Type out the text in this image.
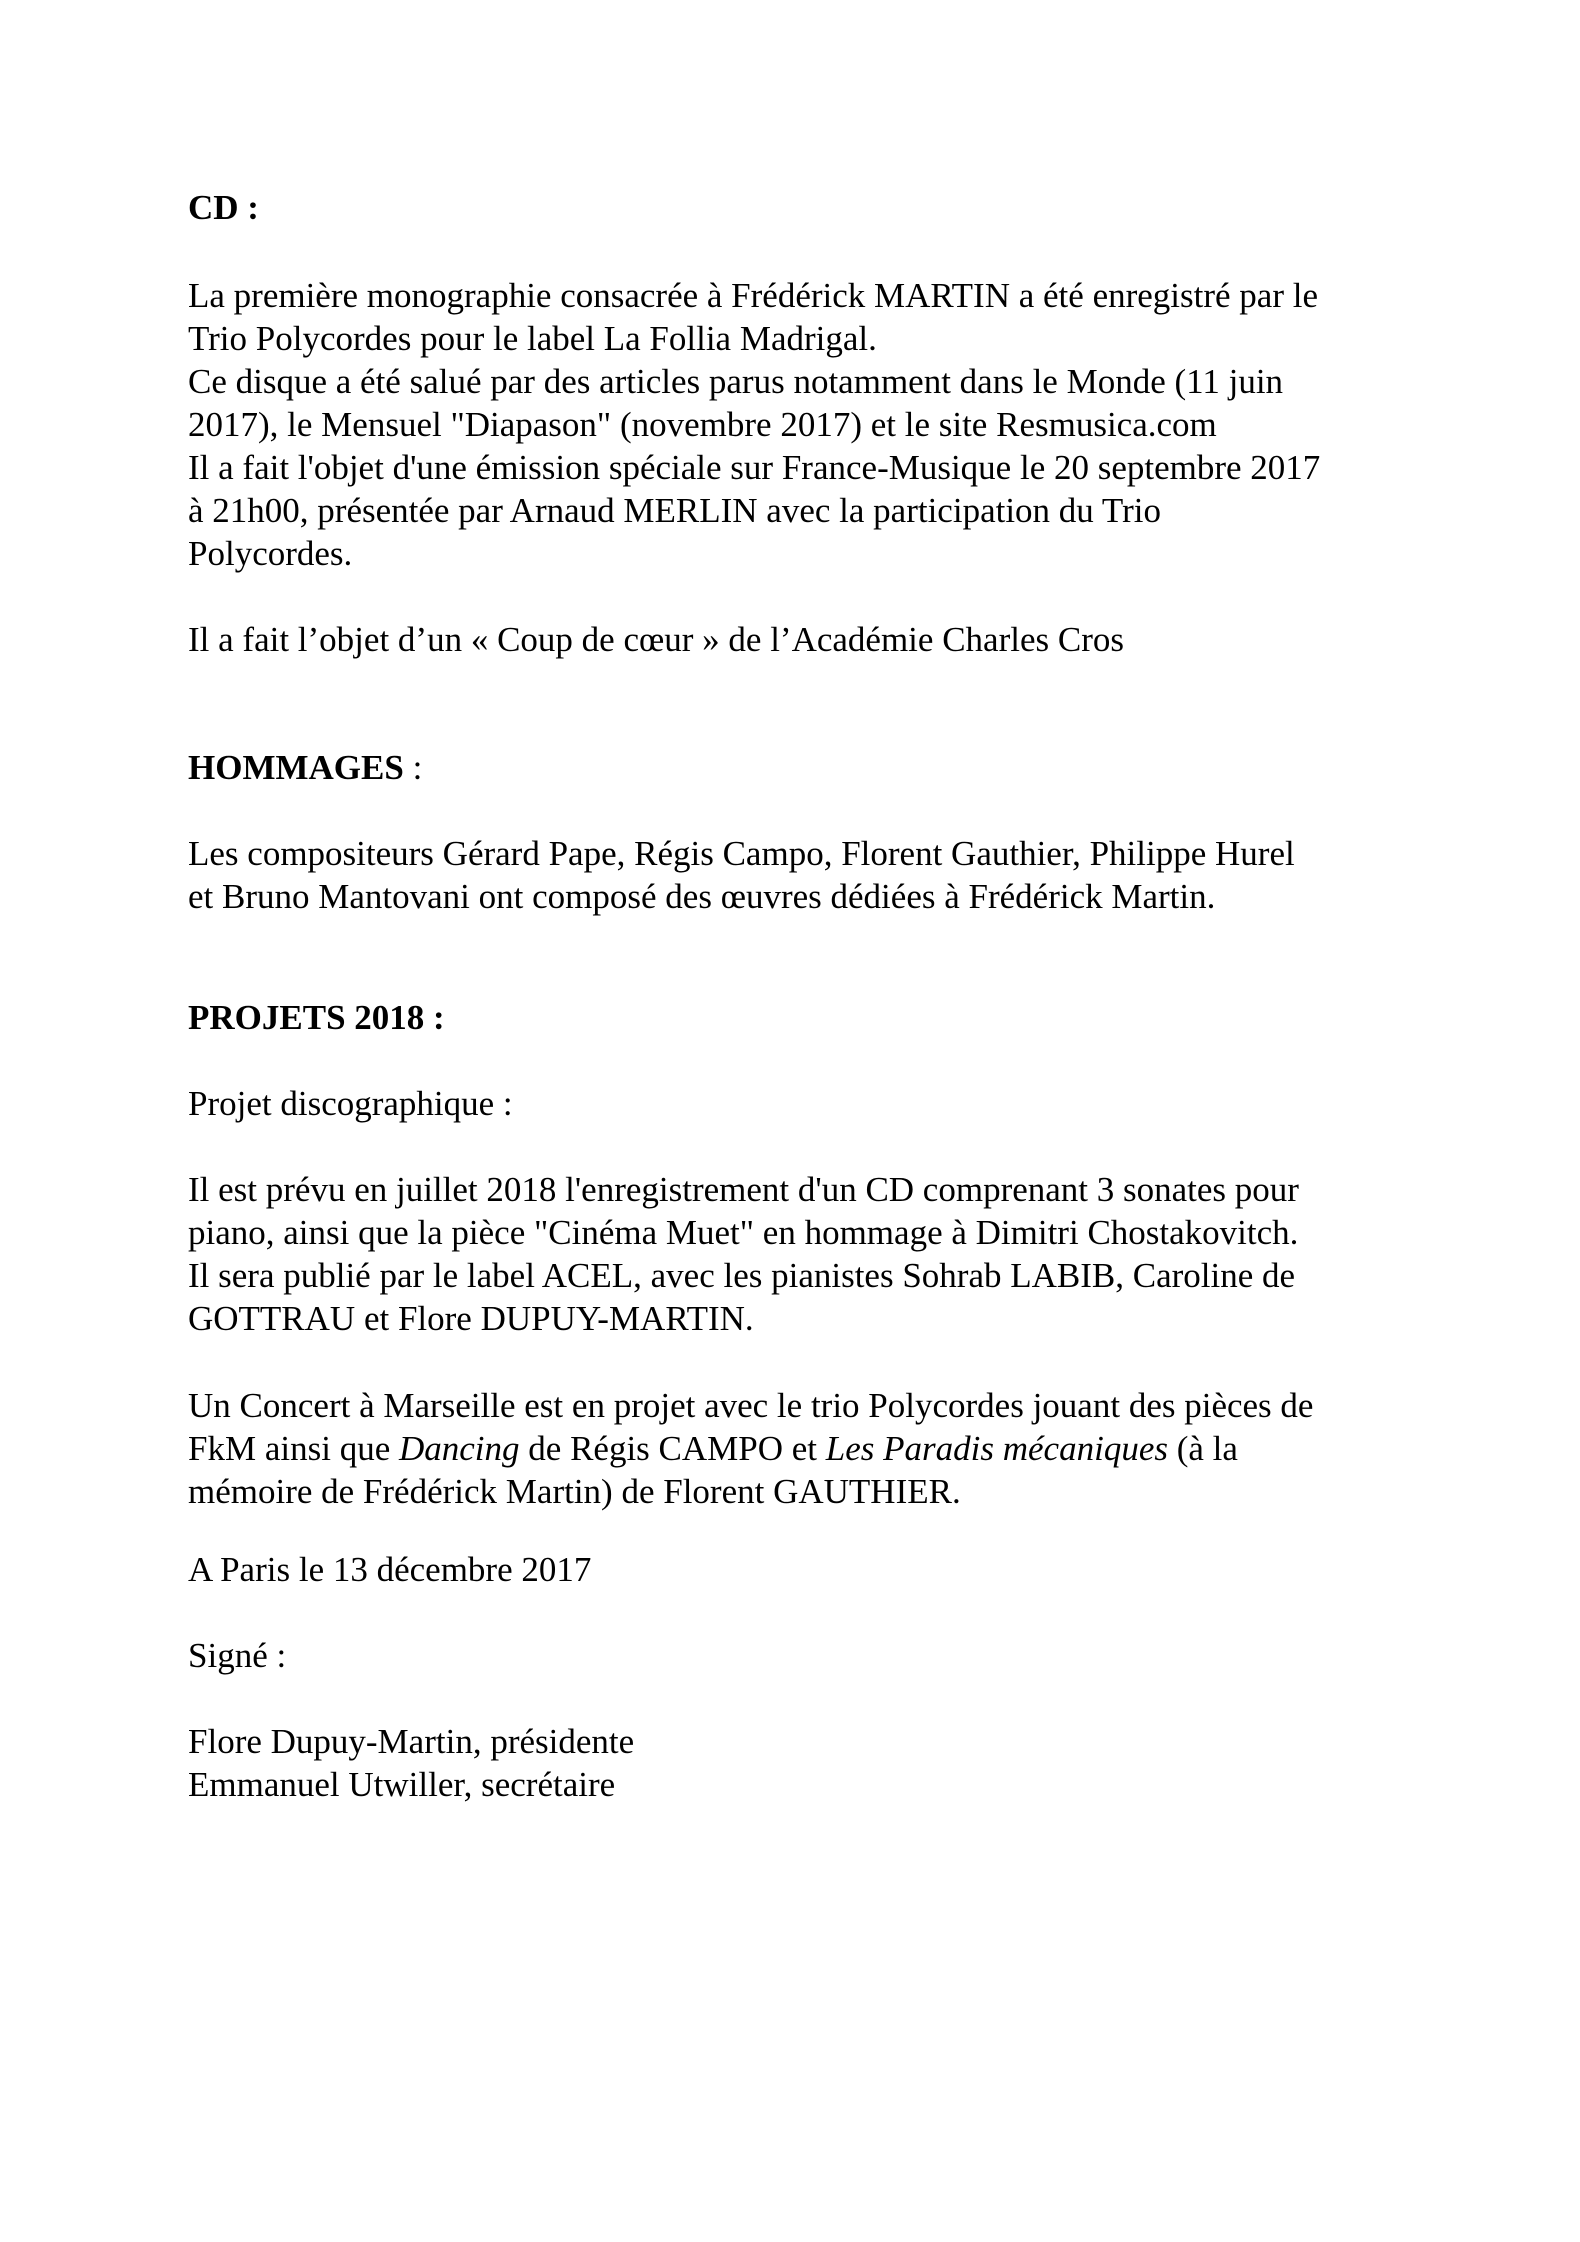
CD :

La première monographie consacrée à Frédérick MARTIN a été enregistré par le
Trio Polycordes pour le label La Follia Madrigal.
Ce disque a été salué par des articles parus notamment dans le Monde (11 juin
2017), le Mensuel "Diapason" (novembre 2017) et le site Resmusica.com
Il a fait l'objet d'une émission spéciale sur France-Musique le 20 septembre 2017
à 21h00, présentée par Arnaud MERLIN avec la participation du Trio
Polycordes.

Il a fait l’objet d’un « Coup de cœur » de l’Académie Charles Cros

HOMMAGES :

Les compositeurs Gérard Pape, Régis Campo, Florent Gauthier, Philippe Hurel
et Bruno Mantovani ont composé des œuvres dédiées à Frédérick Martin.

PROJETS 2018 :

Projet discographique :

Il est prévu en juillet 2018 l'enregistrement d'un CD comprenant 3 sonates pour
piano, ainsi que la pièce "Cinéma Muet" en hommage à Dimitri Chostakovitch.
Il sera publié par le label ACEL, avec les pianistes Sohrab LABIB, Caroline de
GOTTRAU et Flore DUPUY-MARTIN.

Un Concert à Marseille est en projet avec le trio Polycordes jouant des pièces de
FkM ainsi que Dancing de Régis CAMPO et Les Paradis mécaniques (à la
mémoire de Frédérick Martin) de Florent GAUTHIER.

A Paris le 13 décembre 2017

Signé :

Flore Dupuy-Martin, présidente
Emmanuel Utwiller, secrétaire
